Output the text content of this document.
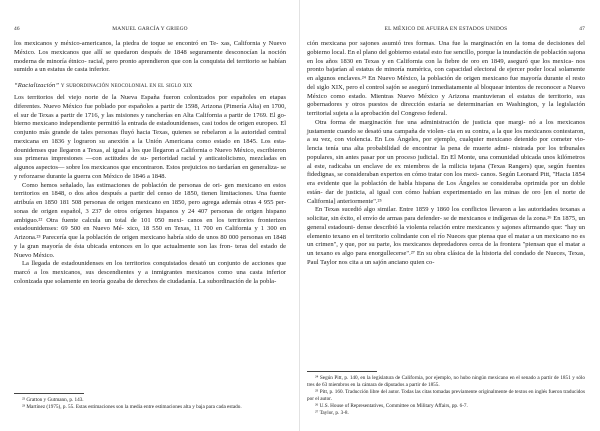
46	MANUEL GARCÍA Y GRIEGO

los mexicanos y méxico-americanos, la piedra de toque se encontró en Te- xas, California y Nuevo México. Los mexicanos que allí se quedaron después de 1848 seguramente desconocían la noción moderna de minoría étnico- racial, pero pronto aprendieron que con la conquista del territorio se habían sumido a un estatus de casta inferior.

“Racialización” y subordinación neocolonial en el siglo xix

Los territorios del viejo norte de la Nueva España fueron colonizados por españoles en etapas diferentes. Nuevo México fue poblado por españoles a partir de 1598, Arizona (Pimería Alta) en 1700, el sur de Texas a partir de 1716, y las misiones y rancherías en Alta California a partir de 1769. El go- bierno mexicano independiente permitió la entrada de estadounidenses, casi todos de origen europeo. El conjunto más grande de tales personas fluyó hacia Texas, quienes se rebelaron a la autoridad central mexicana en 1836 y lograron su anexión a la Unión Americana como estado en 1845. Los esta- dounidenses que llegaron a Texas, al igual a los que llegaron a California o Nuevo México, escribieron sus primeras impresiones —con actitudes de su- perioridad racial y anticatolicismo, mezcladas en algunos aspectos— sobre los mexicanos que encontraron. Estos prejuicios no tardarían en generaliza- se y reforzarse durante la guerra con México de 1846 a 1848.

Como hemos señalado, las estimaciones de población de personas de ori- gen mexicano en estos territorios en 1848, o dos años después a partir del censo de 1850, tienen limitaciones. Una fuente atribuía en 1850 181 508 personas de origen mexicano en 1850, pero agrega además otras 4 955 per- sonas de origen español, 3 237 de otros orígenes hispanos y 24 407 personas de origen hispano ambiguo.²² Otra fuente calcula un total de 101 050 mexi- canos en los territorios fronterizos estadounidenses: 69 500 en Nuevo Mé- xico, 18 550 en Texas, 11 700 en California y 1 300 en Arizona.²³ Parecería que la población de origen mexicano habría sido de unos 80 000 personas en 1848 y la gran mayoría de ésta ubicada entonces en lo que actualmente son las fron- teras del estado de Nuevo México.

La llegada de estadounidenses en los territorios conquistados desató un conjunto de acciones que marcó a los mexicanos, sus descendientes y a inmigrantes mexicanos como una casta inferior colonizada que solamente en teoría gozaba de derechos de ciudadanía. La subordinación de la pobla-

²² Gratton y Gutmann, p. 143.

²³ Martínez (1975), p. 55. Estas estimaciones son la media entre estimaciones alta y baja para cada estado.

EL MÉXICO DE AFUERA EN ESTADOS UNIDOS	47

ción mexicana por sajones asumió tres formas. Una fue la marginación en la toma de decisiones del gobierno local. En el plano del gobierno estatal esto fue sencillo, porque la inundación de población sajona en los años 1830 en Texas y en California con la fiebre de oro en 1849, aseguró que los mexica- nos pronto bajarían al estatus de minoría numérica, con capacidad electoral de ejercer poder local solamente en algunos enclaves.²⁴ En Nuevo México, la población de origen mexicano fue mayoría durante el resto del siglo XIX, pero el control sajón se aseguró inmediatamente al bloquear intentos de reconocer a Nuevo México como estado. Mientras Nuevo México y Arizona mantuvieran el estatus de territorio, sus gobernadores y otros puestos de dirección estaría se determinarían en Washington, y la legislación territorial sujeta a la aprobación del Congreso federal.

Otra forma de marginación fue una administración de justicia que margi- nó a los mexicanos justamente cuando se desató una campaña de violen- cia en su contra, a la que los mexicanos contestaron, a su vez, con violencia. En Los Ángeles, por ejemplo, cualquier mexicano detenido por cometer vio- lencia tenía una alta probabilidad de encontrar la pena de muerte admi- nistrada por los tribunales populares, sin antes pasar por un proceso judicial. En El Monte, una comunidad ubicada unos kilómetros al este, radicaba un enclave de ex miembros de la milicia tejana (Texas Rangers) que, según fuentes fidedignas, se consideraban expertos en cómo tratar con los mexi- canos. Según Leonard Pitt, "Hacia 1854 era evidente que la población de habla hispana de Los Ángeles se consideraba oprimida por un doble están- dar de justicia, al igual con cómo habían experimentado en las minas de oro [en el norte de California] anteriormente".²⁵

En Texas sucedió algo similar. Entre 1859 y 1860 los conflictos llevaron a las autoridades texanas a solicitar, sin éxito, el envío de armas para defender- se de mexicanos e indígenas de la zona.²⁶ En 1875, un general estadouni- dense describió la violenta relación entre mexicanos y sajones afirmando que: "hay un elemento texano en el territorio colindante con el río Nueces que piensa que el matar a un mexicano no es un crimen", y que, por su parte, los mexicanos depredadores cerca de la frontera "piensan que el matar a un texano es algo para enorgullecerse".²⁷ En su obra clásica de la historia del condado de Nueces, Texas, Paul Taylor nos cita a un sajón anciano quien co-

²⁴ Según Pitt, p. 140, en la legislatura de California, por ejemplo, no hubo ningún mexicano en el senado a partir de 1851 y sólo tres de 63 miembros en la cámara de diputados a partir de 1855.

²⁵ Pitt, p. 160. Traducción libre del autor. Todas las citas tomadas previamente originalmente de textos en inglés fueron traducidos por el autor.

²⁶ U.S. House of Representatives, Committee on Military Affairs, pp. 6-7.

²⁷ Taylor, p. 3-8.
